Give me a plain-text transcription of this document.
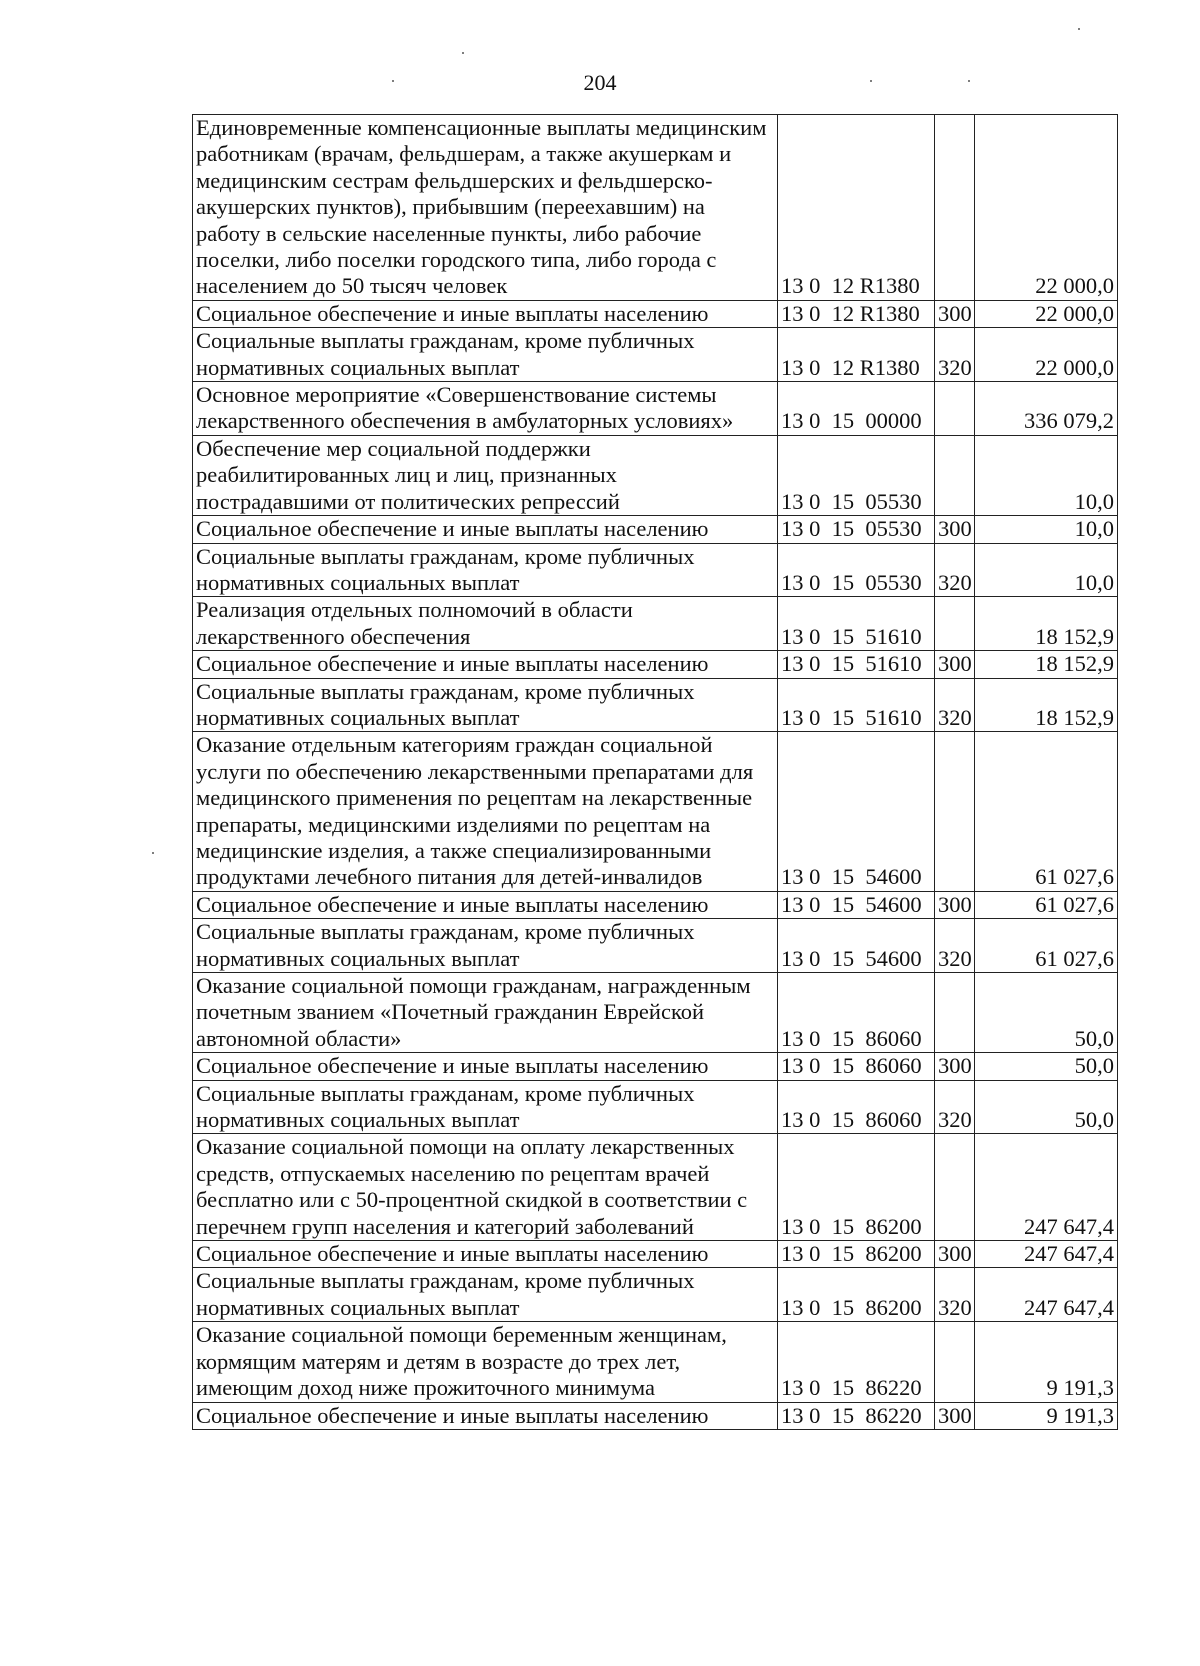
204
Единовременные компенсационные выплаты медицинским работникам (врачам, фельдшерам, а также акушеркам и медицинским сестрам фельдшерских и фельдшерско-акушерских пунктов), прибывшим (переехавшим) на работу в сельские населенные пункты, либо рабочие поселки, либо поселки городского типа, либо города с населением до 50 тысяч человек	13 0  12 R1380		22 000,0
Социальное обеспечение и иные выплаты населению	13 0  12 R1380	300	22 000,0
Социальные выплаты гражданам, кроме публичных нормативных социальных выплат	13 0  12 R1380	320	22 000,0
Основное мероприятие «Совершенствование системы лекарственного обеспечения в амбулаторных условиях»	13 0  15  00000		336 079,2
Обеспечение мер социальной поддержки реабилитированных лиц и лиц, признанных пострадавшими от политических репрессий	13 0  15  05530		10,0
Социальное обеспечение и иные выплаты населению	13 0  15  05530	300	10,0
Социальные выплаты гражданам, кроме публичных нормативных социальных выплат	13 0  15  05530	320	10,0
Реализация отдельных полномочий в области лекарственного обеспечения	13 0  15  51610		18 152,9
Социальное обеспечение и иные выплаты населению	13 0  15  51610	300	18 152,9
Социальные выплаты гражданам, кроме публичных нормативных социальных выплат	13 0  15  51610	320	18 152,9
Оказание отдельным категориям граждан социальной услуги по обеспечению лекарственными препаратами для медицинского применения по рецептам на лекарственные препараты, медицинскими изделиями по рецептам на медицинские изделия, а также специализированными продуктами лечебного питания для детей-инвалидов	13 0  15  54600		61 027,6
Социальное обеспечение и иные выплаты населению	13 0  15  54600	300	61 027,6
Социальные выплаты гражданам, кроме публичных нормативных социальных выплат	13 0  15  54600	320	61 027,6
Оказание социальной помощи гражданам, награжденным почетным званием «Почетный гражданин Еврейской автономной области»	13 0  15  86060		50,0
Социальное обеспечение и иные выплаты населению	13 0  15  86060	300	50,0
Социальные выплаты гражданам, кроме публичных нормативных социальных выплат	13 0  15  86060	320	50,0
Оказание социальной помощи на оплату лекарственных средств, отпускаемых населению по рецептам врачей бесплатно или с 50-процентной скидкой в соответствии с перечнем групп населения и категорий заболеваний	13 0  15  86200		247 647,4
Социальное обеспечение и иные выплаты населению	13 0  15  86200	300	247 647,4
Социальные выплаты гражданам, кроме публичных нормативных социальных выплат	13 0  15  86200	320	247 647,4
Оказание социальной помощи беременным женщинам, кормящим матерям и детям в возрасте до трех лет, имеющим доход ниже прожиточного минимума	13 0  15  86220		9 191,3
Социальное обеспечение и иные выплаты населению	13 0  15  86220	300	9 191,3
